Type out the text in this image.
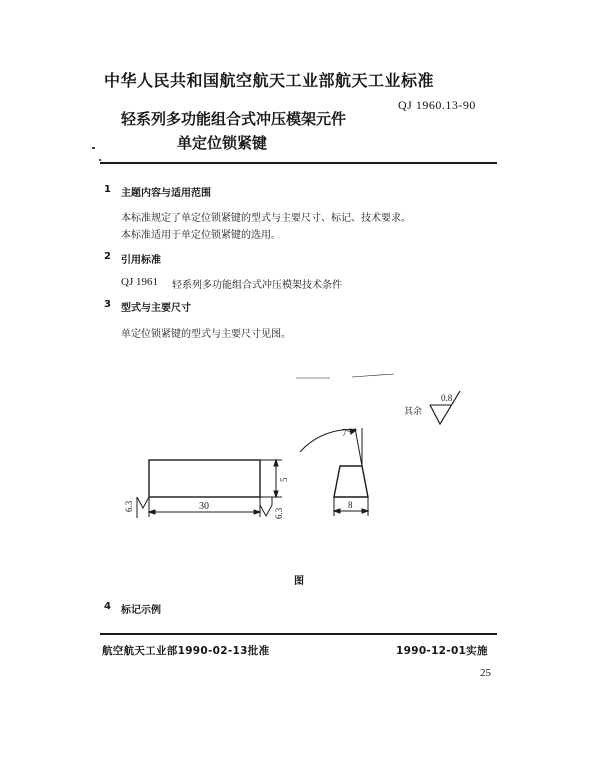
中华人民共和国航空航天工业部航天工业标准
QJ 1960.13-90
轻系列多功能组合式冲压模架元件
单定位锁紧键
1 主题内容与适用范围
本标准规定了单定位锁紧键的型式与主要尺寸、标记、技术要求。
本标准适用于单定位锁紧键的选用。
2 引用标准
QJ 1961 轻系列多功能组合式冲压模架技术条件
3 型式与主要尺寸
单定位锁紧键的型式与主要尺寸见图。
30
5
8
7°
6.3
6.3
0.8
其余
图
4 标记示例
航空航天工业部1990-02-13批准	1990-12-01实施
25
